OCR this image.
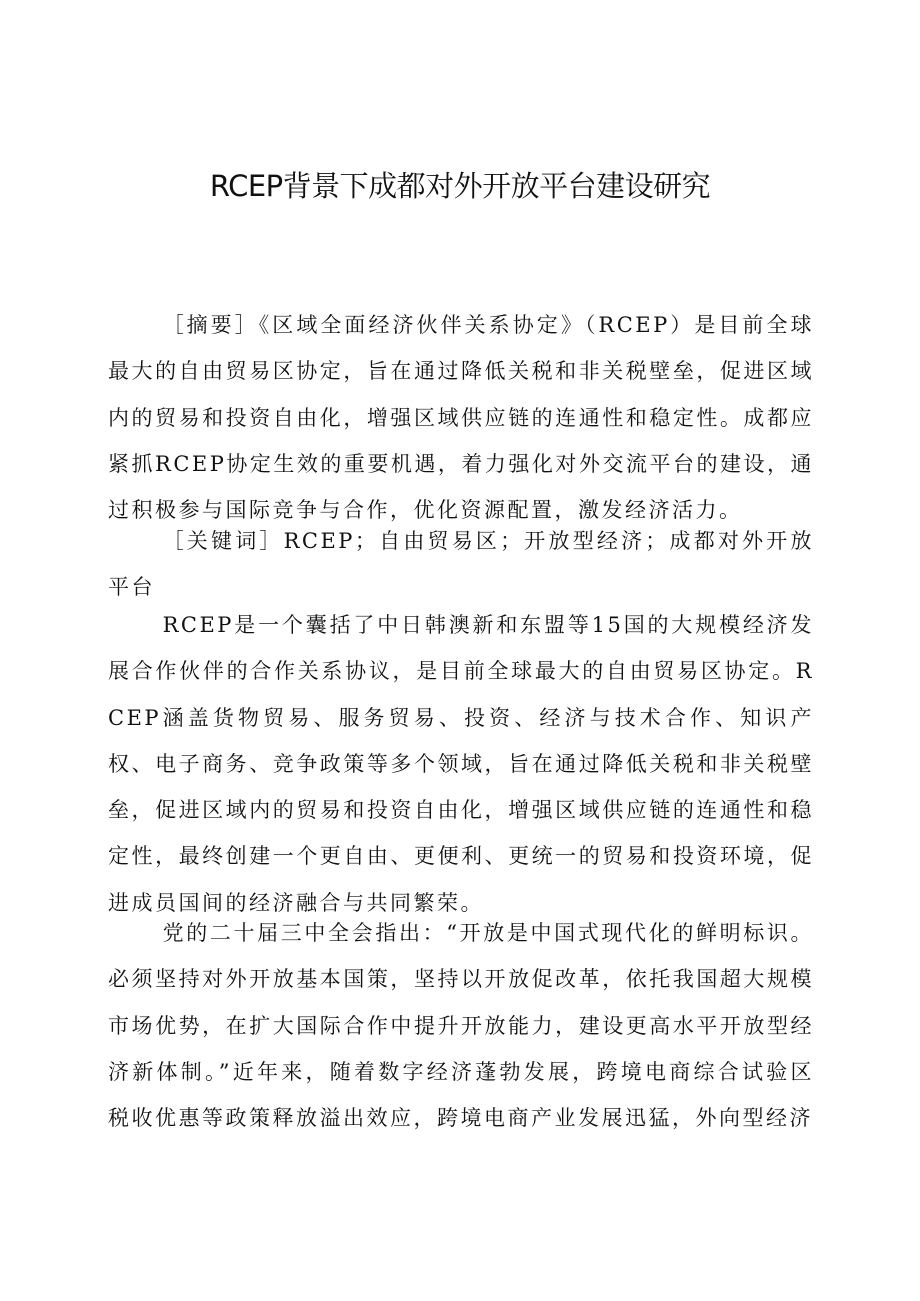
RCEP背景下成都对外开放平台建设研究

［摘要］《区域全面经济伙伴关系协定》（RCEP）是目前全球最大的自由贸易区协定，旨在通过降低关税和非关税壁垒，促进区域内的贸易和投资自由化，增强区域供应链的连通性和稳定性。成都应紧抓RCEP协定生效的重要机遇，着力强化对外交流平台的建设，通过积极参与国际竞争与合作，优化资源配置，激发经济活力。

［关键词］RCEP；自由贸易区；开放型经济；成都对外开放平台

RCEP是一个囊括了中日韩澳新和东盟等15国的大规模经济发展合作伙伴的合作关系协议，是目前全球最大的自由贸易区协定。RCEP涵盖货物贸易、服务贸易、投资、经济与技术合作、知识产权、电子商务、竞争政策等多个领域，旨在通过降低关税和非关税壁垒，促进区域内的贸易和投资自由化，增强区域供应链的连通性和稳定性，最终创建一个更自由、更便利、更统一的贸易和投资环境，促进成员国间的经济融合与共同繁荣。

党的二十届三中全会指出：“开放是中国式现代化的鲜明标识。必须坚持对外开放基本国策，坚持以开放促改革，依托我国超大规模市场优势，在扩大国际合作中提升开放能力，建设更高水平开放型经济新体制。”近年来，随着数字经济蓬勃发展，跨境电商综合试验区税收优惠等政策释放溢出效应，跨境电商产业发展迅猛，外向型经济
